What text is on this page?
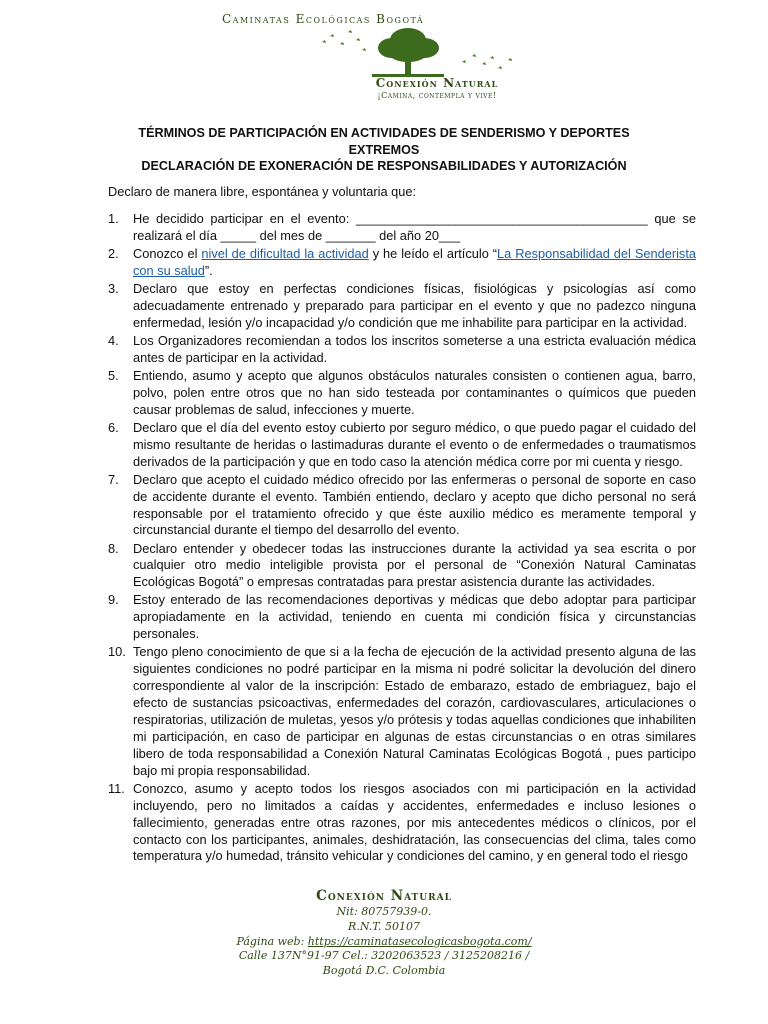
Caminatas Ecológicas Bogotá
Conexión Natural
¡Camina, contempla y vive!
TÉRMINOS DE PARTICIPACIÓN EN ACTIVIDADES DE SENDERISMO Y DEPORTES EXTREMOS
DECLARACIÓN DE EXONERACIÓN DE RESPONSABILIDADES Y AUTORIZACIÓN
Declaro de manera libre, espontánea y voluntaria que:
1. He decidido participar en el evento: _________________________________________ que se realizará el día _____ del mes de _______ del año 20___
2. Conozco el nivel de dificultad la actividad y he leído el artículo “La Responsabilidad del Senderista con su salud”.
3. Declaro que estoy en perfectas condiciones físicas, fisiológicas y psicologías así como adecuadamente entrenado y preparado para participar en el evento y que no padezco ninguna enfermedad, lesión y/o incapacidad y/o condición que me inhabilite para participar en la actividad.
4. Los Organizadores recomiendan a todos los inscritos someterse a una estricta evaluación médica antes de participar en la actividad.
5. Entiendo, asumo y acepto que algunos obstáculos naturales consisten o contienen agua, barro, polvo, polen entre otros que no han sido testeada por contaminantes o químicos que pueden causar problemas de salud, infecciones y muerte.
6. Declaro que el día del evento estoy cubierto por seguro médico, o que puedo pagar el cuidado del mismo resultante de heridas o lastimaduras durante el evento o de enfermedades o traumatismos derivados de la participación y que en todo caso la atención médica corre por mi cuenta y riesgo.
7. Declaro que acepto el cuidado médico ofrecido por las enfermeras o personal de soporte en caso de accidente durante el evento. También entiendo, declaro y acepto que dicho personal no será responsable por el tratamiento ofrecido y que éste auxilio médico es meramente temporal y circunstancial durante el tiempo del desarrollo del evento.
8. Declaro entender y obedecer todas las instrucciones durante la actividad ya sea escrita o por cualquier otro medio inteligible provista por el personal de “Conexión Natural Caminatas Ecológicas Bogotá” o empresas contratadas para prestar asistencia durante las actividades.
9. Estoy enterado de las recomendaciones deportivas y médicas que debo adoptar para participar apropiadamente en la actividad, teniendo en cuenta mi condición física y circunstancias personales.
10. Tengo pleno conocimiento de que si a la fecha de ejecución de la actividad presento alguna de las siguientes condiciones no podré participar en la misma ni podré solicitar la devolución del dinero correspondiente al valor de la inscripción: Estado de embarazo, estado de embriaguez, bajo el efecto de sustancias psicoactivas, enfermedades del corazón, cardiovasculares, articulaciones o respiratorias, utilización de muletas, yesos y/o prótesis y todas aquellas condiciones que inhabiliten mi participación, en caso de participar en algunas de estas circunstancias o en otras similares libero de toda responsabilidad a Conexión Natural Caminatas Ecológicas Bogotá , pues participo bajo mi propia responsabilidad.
11. Conozco, asumo y acepto todos los riesgos asociados con mi participación en la actividad incluyendo, pero no limitados a caídas y accidentes, enfermedades e incluso lesiones o fallecimiento, generadas entre otras razones, por mis antecedentes médicos o clínicos, por el contacto con los participantes, animales, deshidratación, las consecuencias del clima, tales como temperatura y/o humedad, tránsito vehicular y condiciones del camino, y en general todo el riesgo
Conexión Natural
Nit: 80757939-0.
R.N.T. 50107
Página web: https://caminatasecologicasbogota.com/
Calle 137N°91-97 Cel.: 3202063523 / 3125208216 /
Bogotá D.C. Colombia
